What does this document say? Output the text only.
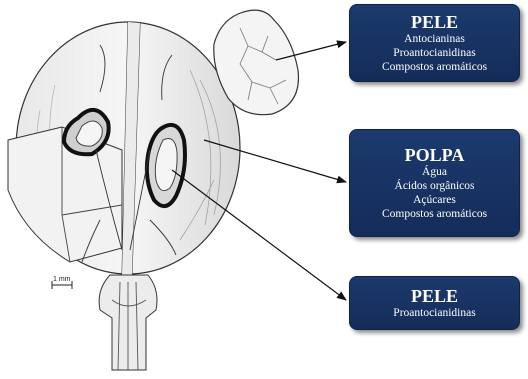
1 mm
PELE
Antocianinas
Proantocianidinas
Compostos aromáticos
POLPA
Água
Ácidos orgânicos
Açúcares
Compostos aromáticos
PELE
Proantocianidinas
